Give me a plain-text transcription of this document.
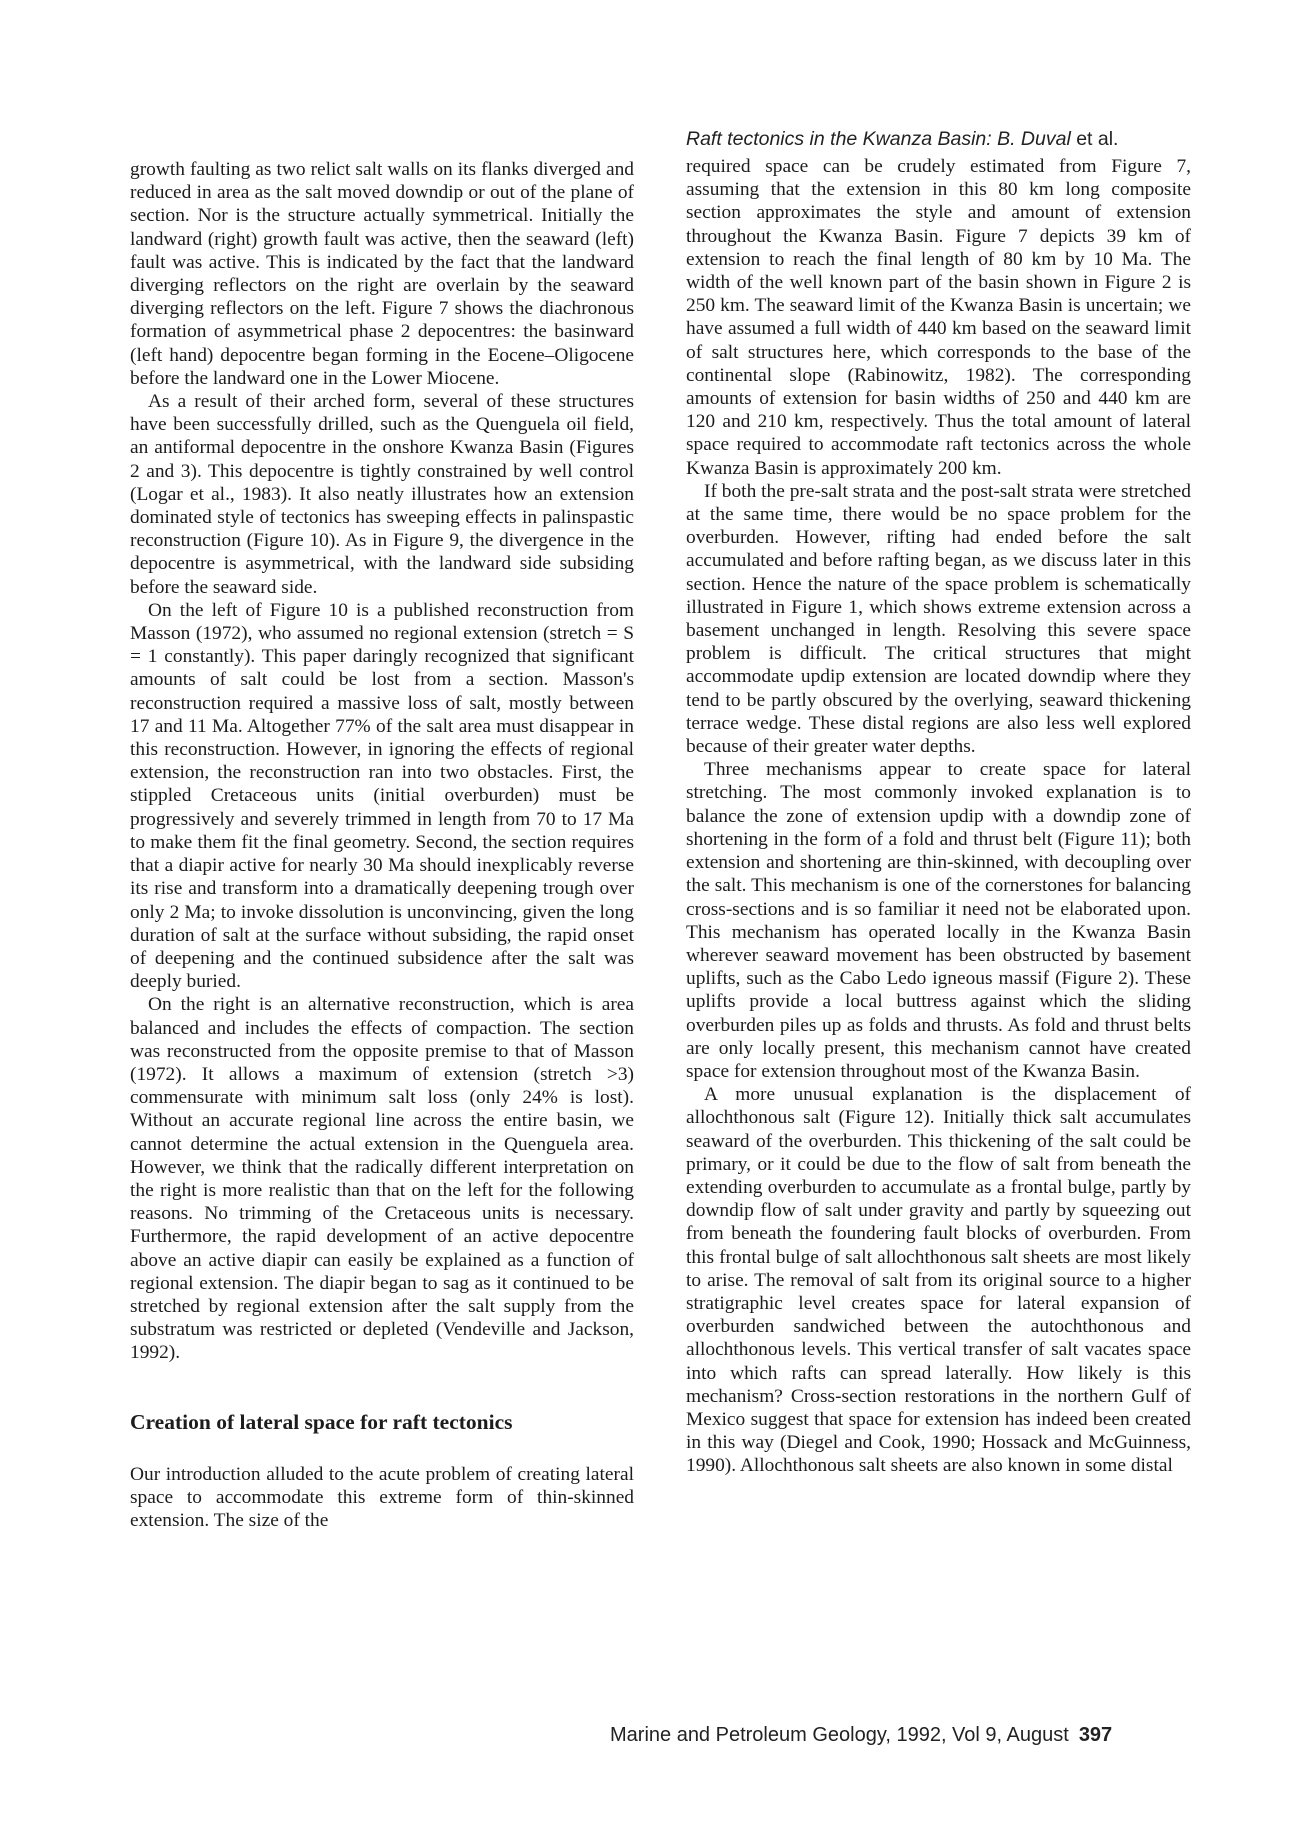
Raft tectonics in the Kwanza Basin: B. Duval et al.

growth faulting as two relict salt walls on its flanks diverged and reduced in area as the salt moved downdip or out of the plane of section. Nor is the structure actually symmetrical. Initially the landward (right) growth fault was active, then the seaward (left) fault was active. This is indicated by the fact that the landward diverging reflectors on the right are overlain by the seaward diverging reflectors on the left. Figure 7 shows the diachronous formation of asymmetrical phase 2 depocentres: the basinward (left hand) depocentre began forming in the Eocene–Oligocene before the landward one in the Lower Miocene.

As a result of their arched form, several of these structures have been successfully drilled, such as the Quenguela oil field, an antiformal depocentre in the onshore Kwanza Basin (Figures 2 and 3). This depocentre is tightly constrained by well control (Logar et al., 1983). It also neatly illustrates how an extension dominated style of tectonics has sweeping effects in palinspastic reconstruction (Figure 10). As in Figure 9, the divergence in the depocentre is asymmetrical, with the landward side subsiding before the seaward side.

On the left of Figure 10 is a published reconstruction from Masson (1972), who assumed no regional extension (stretch = S = 1 constantly). This paper daringly recognized that significant amounts of salt could be lost from a section. Masson's reconstruction required a massive loss of salt, mostly between 17 and 11 Ma. Altogether 77% of the salt area must disappear in this reconstruction. However, in ignoring the effects of regional extension, the reconstruction ran into two obstacles. First, the stippled Cretaceous units (initial overburden) must be progressively and severely trimmed in length from 70 to 17 Ma to make them fit the final geometry. Second, the section requires that a diapir active for nearly 30 Ma should inexplicably reverse its rise and transform into a dramatically deepening trough over only 2 Ma; to invoke dissolution is unconvincing, given the long duration of salt at the surface without subsiding, the rapid onset of deepening and the continued subsidence after the salt was deeply buried.

On the right is an alternative reconstruction, which is area balanced and includes the effects of compaction. The section was reconstructed from the opposite premise to that of Masson (1972). It allows a maximum of extension (stretch >3) commensurate with minimum salt loss (only 24% is lost). Without an accurate regional line across the entire basin, we cannot determine the actual extension in the Quenguela area. However, we think that the radically different interpretation on the right is more realistic than that on the left for the following reasons. No trimming of the Cretaceous units is necessary. Furthermore, the rapid development of an active depocentre above an active diapir can easily be explained as a function of regional extension. The diapir began to sag as it continued to be stretched by regional extension after the salt supply from the substratum was restricted or depleted (Vendeville and Jackson, 1992).

Creation of lateral space for raft tectonics

Our introduction alluded to the acute problem of creating lateral space to accommodate this extreme form of thin-skinned extension. The size of the

required space can be crudely estimated from Figure 7, assuming that the extension in this 80 km long composite section approximates the style and amount of extension throughout the Kwanza Basin. Figure 7 depicts 39 km of extension to reach the final length of 80 km by 10 Ma. The width of the well known part of the basin shown in Figure 2 is 250 km. The seaward limit of the Kwanza Basin is uncertain; we have assumed a full width of 440 km based on the seaward limit of salt structures here, which corresponds to the base of the continental slope (Rabinowitz, 1982). The corresponding amounts of extension for basin widths of 250 and 440 km are 120 and 210 km, respectively. Thus the total amount of lateral space required to accommodate raft tectonics across the whole Kwanza Basin is approximately 200 km.

If both the pre-salt strata and the post-salt strata were stretched at the same time, there would be no space problem for the overburden. However, rifting had ended before the salt accumulated and before rafting began, as we discuss later in this section. Hence the nature of the space problem is schematically illustrated in Figure 1, which shows extreme extension across a basement unchanged in length. Resolving this severe space problem is difficult. The critical structures that might accommodate updip extension are located downdip where they tend to be partly obscured by the overlying, seaward thickening terrace wedge. These distal regions are also less well explored because of their greater water depths.

Three mechanisms appear to create space for lateral stretching. The most commonly invoked explanation is to balance the zone of extension updip with a downdip zone of shortening in the form of a fold and thrust belt (Figure 11); both extension and shortening are thin-skinned, with decoupling over the salt. This mechanism is one of the cornerstones for balancing cross-sections and is so familiar it need not be elaborated upon. This mechanism has operated locally in the Kwanza Basin wherever seaward movement has been obstructed by basement uplifts, such as the Cabo Ledo igneous massif (Figure 2). These uplifts provide a local buttress against which the sliding overburden piles up as folds and thrusts. As fold and thrust belts are only locally present, this mechanism cannot have created space for extension throughout most of the Kwanza Basin.

A more unusual explanation is the displacement of allochthonous salt (Figure 12). Initially thick salt accumulates seaward of the overburden. This thickening of the salt could be primary, or it could be due to the flow of salt from beneath the extending overburden to accumulate as a frontal bulge, partly by downdip flow of salt under gravity and partly by squeezing out from beneath the foundering fault blocks of overburden. From this frontal bulge of salt allochthonous salt sheets are most likely to arise. The removal of salt from its original source to a higher stratigraphic level creates space for lateral expansion of overburden sandwiched between the autochthonous and allochthonous levels. This vertical transfer of salt vacates space into which rafts can spread laterally. How likely is this mechanism? Cross-section restorations in the northern Gulf of Mexico suggest that space for extension has indeed been created in this way (Diegel and Cook, 1990; Hossack and McGuinness, 1990). Allochthonous salt sheets are also known in some distal

Marine and Petroleum Geology, 1992, Vol 9, August 397
